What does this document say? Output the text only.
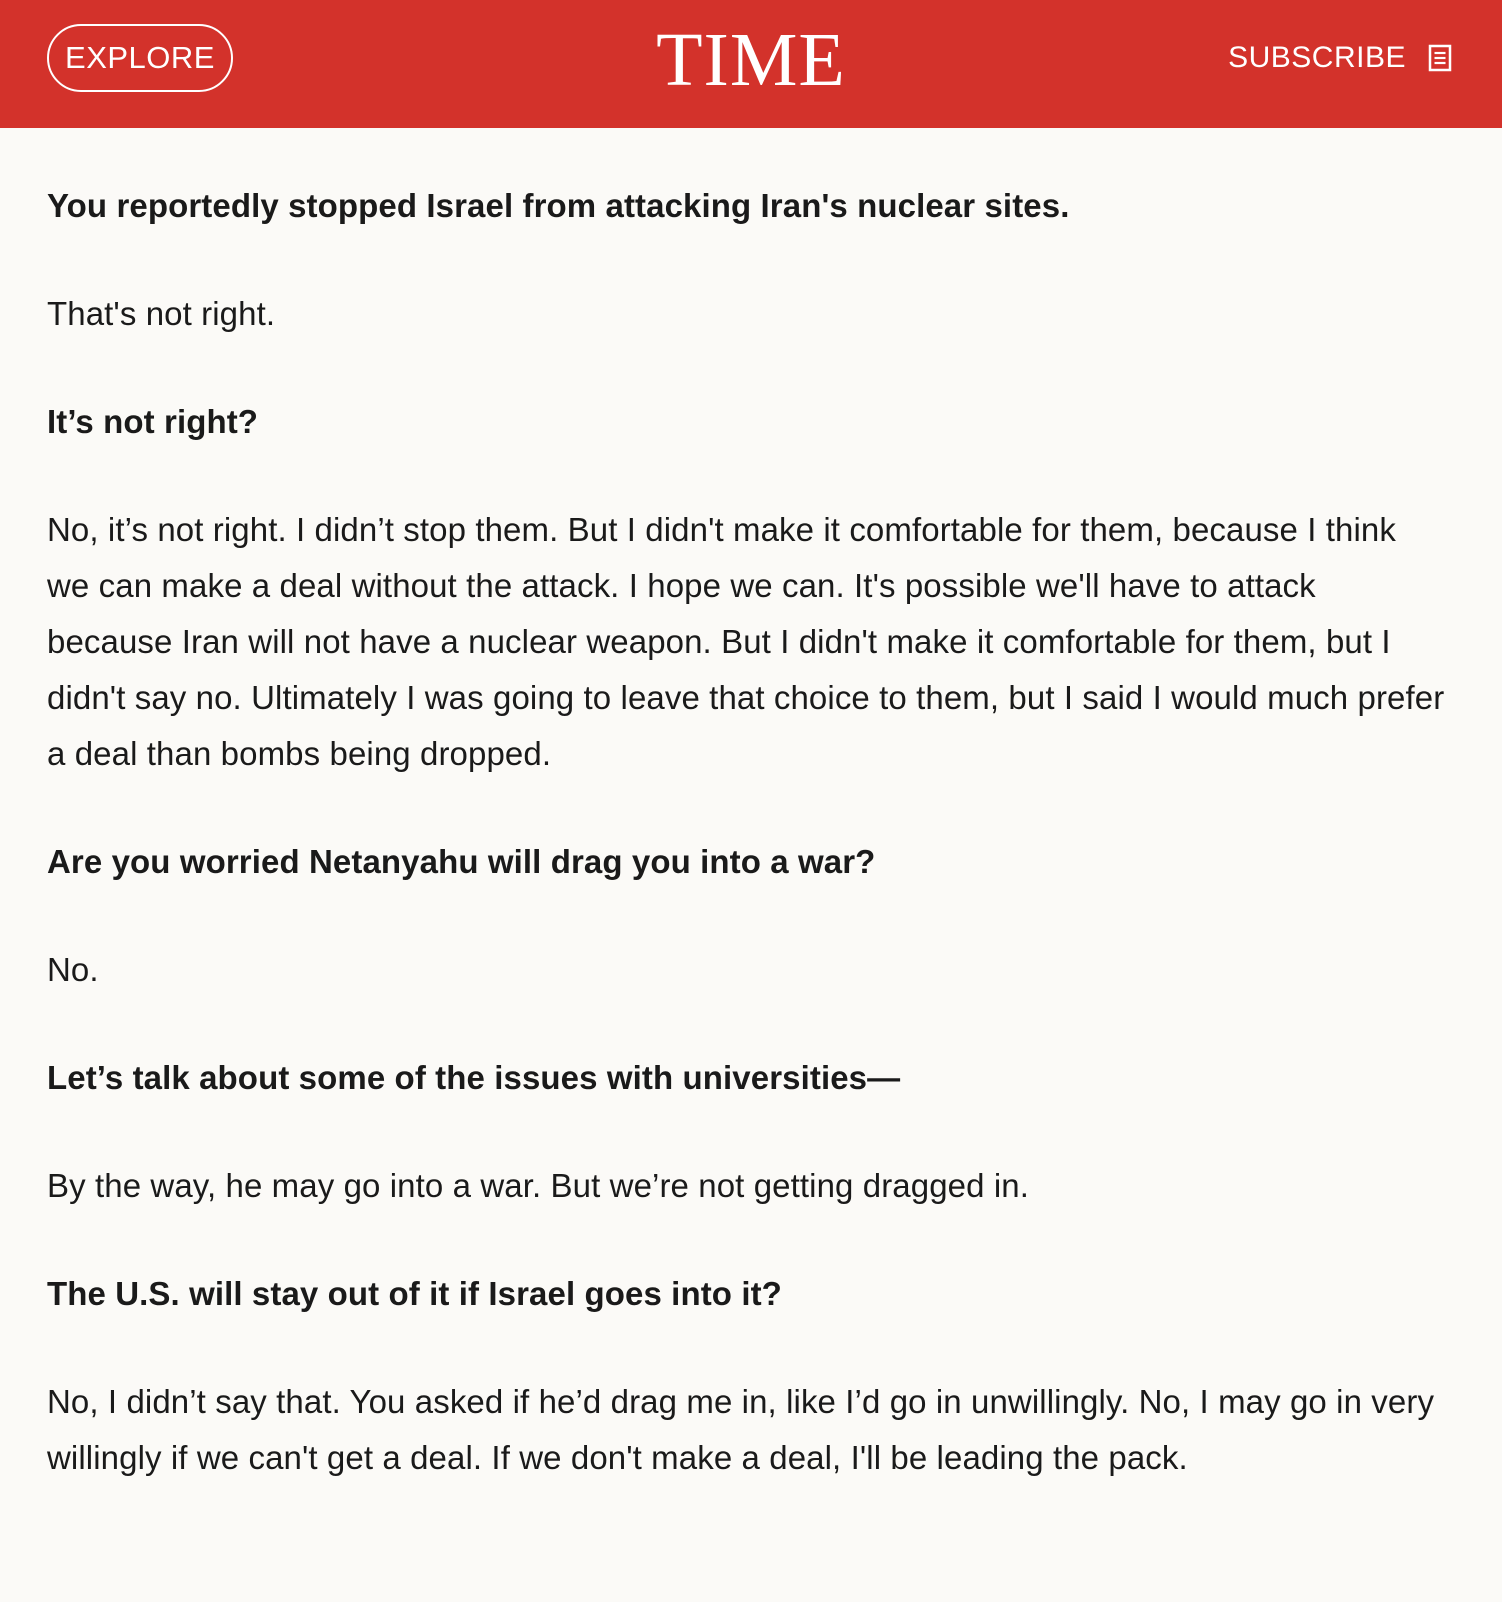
EXPLORE	TIME	SUBSCRIBE

You reportedly stopped Israel from attacking Iran's nuclear sites.

That's not right.

It’s not right?

No, it’s not right. I didn’t stop them. But I didn't make it comfortable for them, because I think we can make a deal without the attack. I hope we can. It's possible we'll have to attack because Iran will not have a nuclear weapon. But I didn't make it comfortable for them, but I didn't say no. Ultimately I was going to leave that choice to them, but I said I would much prefer a deal than bombs being dropped.

Are you worried Netanyahu will drag you into a war?

No.

Let’s talk about some of the issues with universities—

By the way, he may go into a war. But we’re not getting dragged in.

The U.S. will stay out of it if Israel goes into it?

No, I didn’t say that. You asked if he’d drag me in, like I’d go in unwillingly. No, I may go in very willingly if we can't get a deal. If we don't make a deal, I'll be leading the pack.
